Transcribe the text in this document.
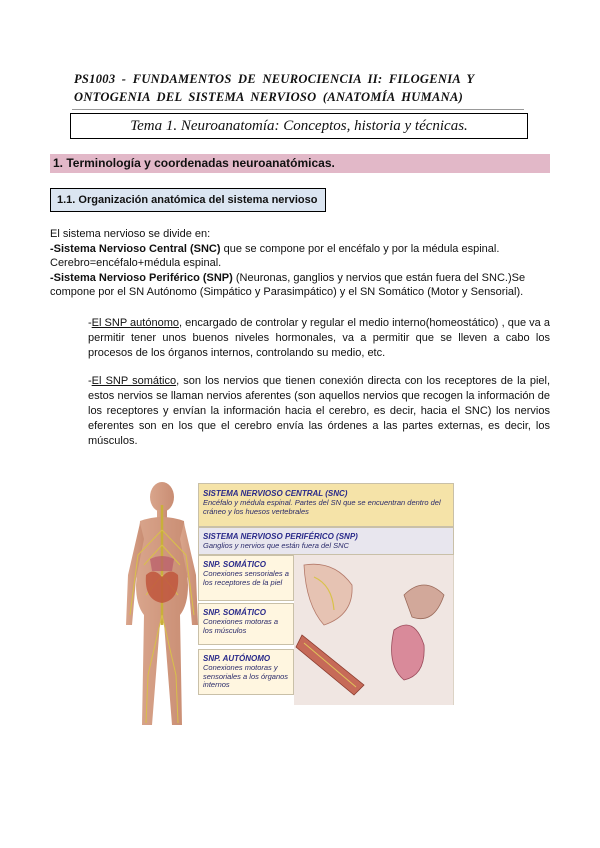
PS1003 - FUNDAMENTOS DE NEUROCIENCIA II: FILOGENIA Y
ONTOGENIA DEL SISTEMA NERVIOSO (ANATOMÍA HUMANA)
Tema 1. Neuroanatomía: Conceptos, historia y técnicas.
1. Terminología y coordenadas neuroanatómicas.
1.1. Organización anatómica del sistema nervioso
El sistema nervioso se divide en:
-Sistema Nervioso Central (SNC) que se compone por el encéfalo y por la médula espinal.
Cerebro=encéfalo+médula espinal.
-Sistema Nervioso Periférico (SNP) (Neuronas, ganglios y nervios que están fuera del SNC.)Se compone por el SN Autónomo (Simpático y Parasimpático) y el SN Somático (Motor y Sensorial).
-El SNP autónomo, encargado de controlar y regular el medio interno(homeostático) , que va a permitir tener unos buenos niveles hormonales, va a permitir que se lleven a cabo los procesos de los órganos internos, controlando su medio, etc.
-El SNP somático, son los nervios que tienen conexión directa con los receptores de la piel, estos nervios se llaman nervios aferentes (son aquellos nervios que recogen la información de los receptores y envían la información hacia el cerebro, es decir, hacia el SNC) los nervios eferentes son en los que el cerebro envía las órdenes a las partes externas, es decir, los músculos.
SISTEMA NERVIOSO CENTRAL (SNC)
Encéfalo y médula espinal. Partes del SN que se encuentran dentro del cráneo y los huesos vertebrales
SISTEMA NERVIOSO PERIFÉRICO (SNP)
Ganglios y nervios que están fuera del SNC
SNP. SOMÁTICO
Conexiones sensoriales a los receptores de la piel
SNP. SOMÁTICO
Conexiones motoras a los músculos
SNP. AUTÓNOMO
Conexiones motoras y sensoriales a los órganos internos
